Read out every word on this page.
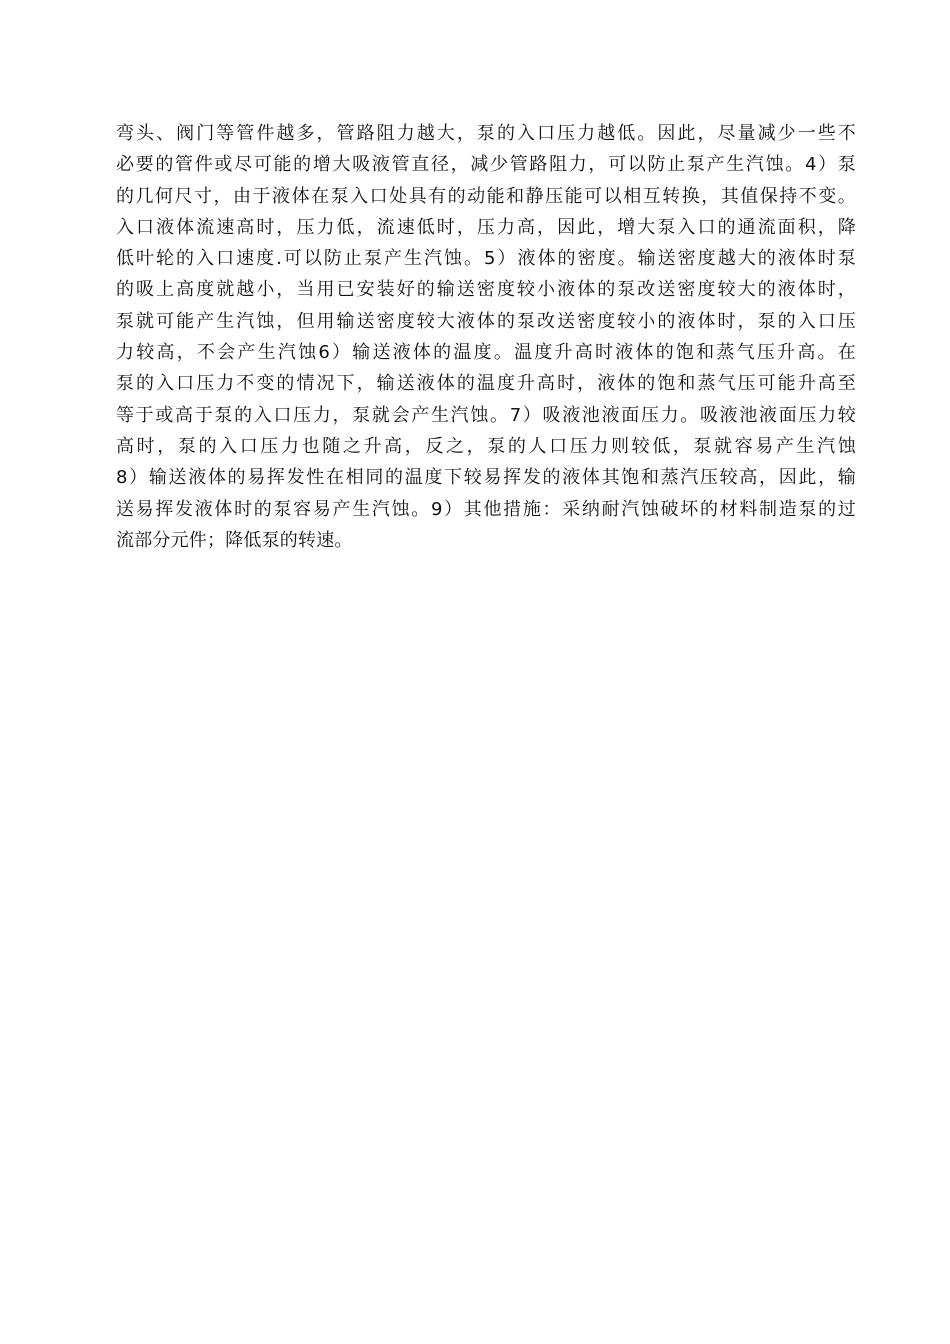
弯头、阀门等管件越多，管路阻力越大，泵的入口压力越低。因此，尽量减少一些不
必要的管件或尽可能的增大吸液管直径，减少管路阻力，可以防止泵产生汽蚀。4）泵
的几何尺寸，由于液体在泵入口处具有的动能和静压能可以相互转换，其值保持不变。
入口液体流速高时，压力低，流速低时，压力高，因此，增大泵入口的通流面积，降
低叶轮的入口速度.可以防止泵产生汽蚀。5）液体的密度。输送密度越大的液体时泵
的吸上高度就越小，当用已安装好的输送密度较小液体的泵改送密度较大的液体时，
泵就可能产生汽蚀，但用输送密度较大液体的泵改送密度较小的液体时，泵的入口压
力较高，不会产生汽蚀6）输送液体的温度。温度升高时液体的饱和蒸气压升高。在
泵的入口压力不变的情况下，输送液体的温度升高时，液体的饱和蒸气压可能升高至
等于或高于泵的入口压力，泵就会产生汽蚀。7）吸液池液面压力。吸液池液面压力较
高时，泵的入口压力也随之升高，反之，泵的人口压力则较低，泵就容易产生汽蚀
8）输送液体的易挥发性在相同的温度下较易挥发的液体其饱和蒸汽压较高，因此，输
送易挥发液体时的泵容易产生汽蚀。9）其他措施：采纳耐汽蚀破坏的材料制造泵的过
流部分元件；降低泵的转速。
